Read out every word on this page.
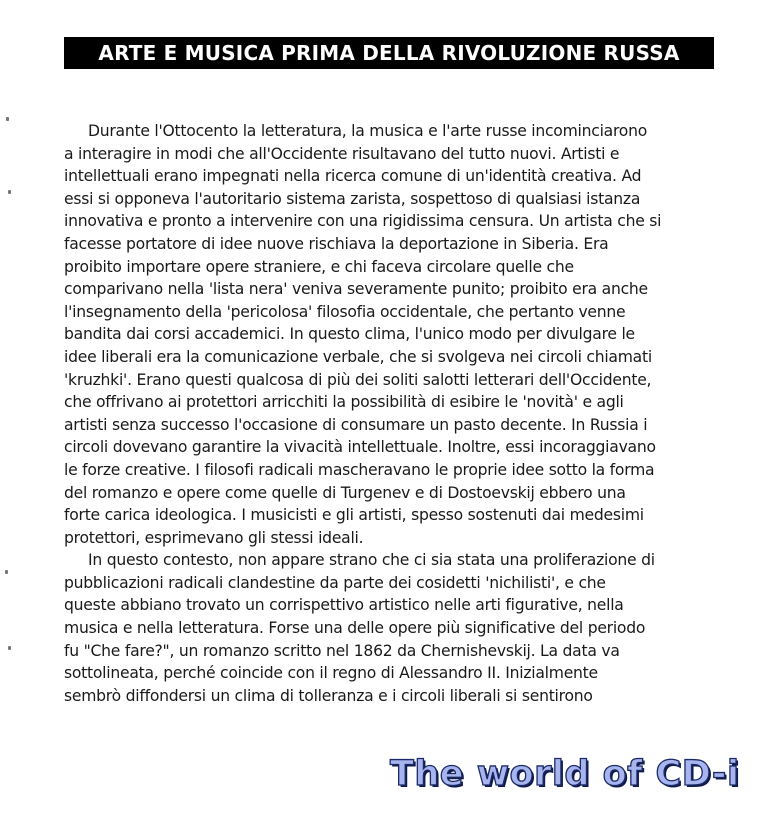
ARTE E MUSICA PRIMA DELLA RIVOLUZIONE RUSSA
Durante l'Ottocento la letteratura, la musica e l'arte russe incominciarono
a interagire in modi che all'Occidente risultavano del tutto nuovi. Artisti e
intellettuali erano impegnati nella ricerca comune di un'identità creativa. Ad
essi si opponeva l'autoritario sistema zarista, sospettoso di qualsiasi istanza
innovativa e pronto a intervenire con una rigidissima censura. Un artista che si
facesse portatore di idee nuove rischiava la deportazione in Siberia. Era
proibito importare opere straniere, e chi faceva circolare quelle che
comparivano nella 'lista nera' veniva severamente punito; proibito era anche
l'insegnamento della 'pericolosa' filosofia occidentale, che pertanto venne
bandita dai corsi accademici. In questo clima, l'unico modo per divulgare le
idee liberali era la comunicazione verbale, che si svolgeva nei circoli chiamati
'kruzhki'. Erano questi qualcosa di più dei soliti salotti letterari dell'Occidente,
che offrivano ai protettori arricchiti la possibilità di esibire le 'novità' e agli
artisti senza successo l'occasione di consumare un pasto decente. In Russia i
circoli dovevano garantire la vivacità intellettuale. Inoltre, essi incoraggiavano
le forze creative. I filosofi radicali mascheravano le proprie idee sotto la forma
del romanzo e opere come quelle di Turgenev e di Dostoevskij ebbero una
forte carica ideologica. I musicisti e gli artisti, spesso sostenuti dai medesimi
protettori, esprimevano gli stessi ideali.
In questo contesto, non appare strano che ci sia stata una proliferazione di
pubblicazioni radicali clandestine da parte dei cosidetti 'nichilisti', e che
queste abbiano trovato un corrispettivo artistico nelle arti figurative, nella
musica e nella letteratura. Forse una delle opere più significative del periodo
fu "Che fare?", un romanzo scritto nel 1862 da Chernishevskij. La data va
sottolineata, perché coincide con il regno di Alessandro II. Inizialmente
sembrò diffondersi un clima di tolleranza e i circoli liberali si sentirono
The world of CD-i
